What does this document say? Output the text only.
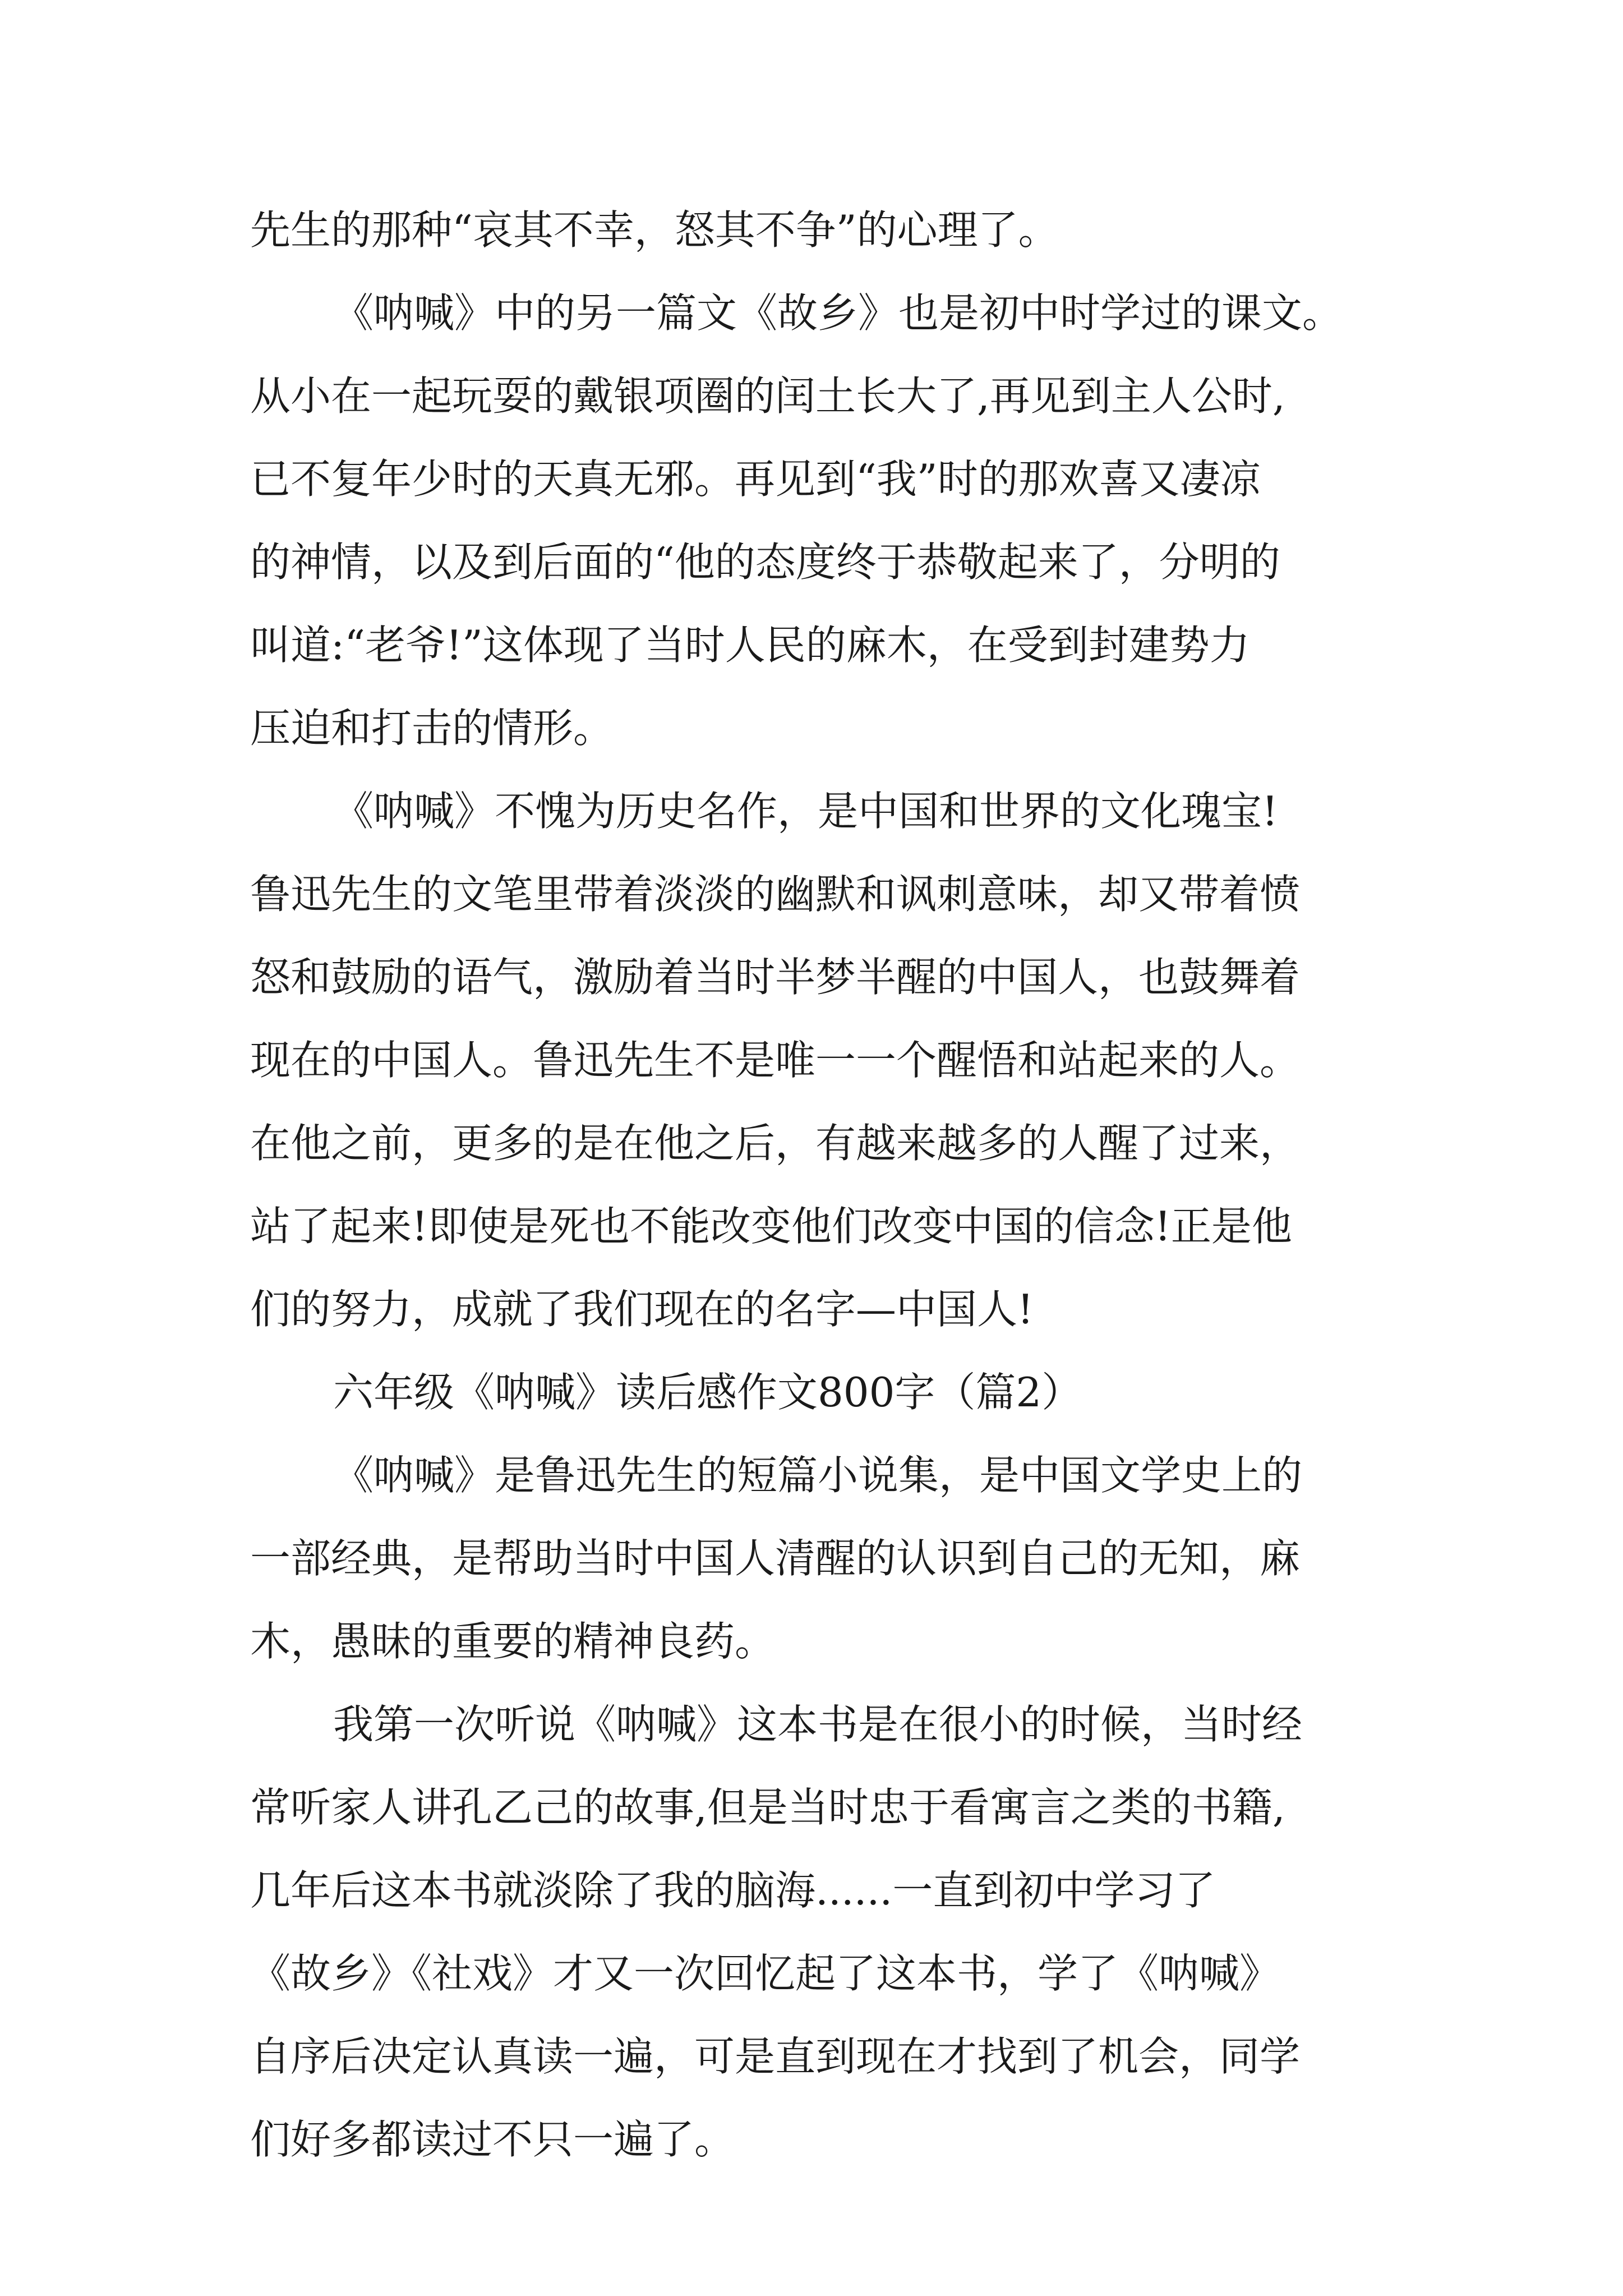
先生的那种“哀其不幸，怒其不争”的心理了。
《呐喊》中的另一篇文《故乡》也是初中时学过的课文。
从小在一起玩耍的戴银项圈的闰土长大了,再见到主人公时,
已不复年少时的天真无邪。再见到“我”时的那欢喜又凄凉
的神情，以及到后面的“他的态度终于恭敬起来了，分明的
叫道:“老爷!”这体现了当时人民的麻木，在受到封建势力
压迫和打击的情形。
《呐喊》不愧为历史名作，是中国和世界的文化瑰宝!
鲁迅先生的文笔里带着淡淡的幽默和讽刺意味，却又带着愤
怒和鼓励的语气，激励着当时半梦半醒的中国人，也鼓舞着
现在的中国人。鲁迅先生不是唯一一个醒悟和站起来的人。
在他之前，更多的是在他之后，有越来越多的人醒了过来，
站了起来!即使是死也不能改变他们改变中国的信念!正是他
们的努力，成就了我们现在的名字—中国人!
六年级《呐喊》读后感作文800字（篇2）
《呐喊》是鲁迅先生的短篇小说集，是中国文学史上的
一部经典，是帮助当时中国人清醒的认识到自己的无知，麻
木，愚昧的重要的精神良药。
我第一次听说《呐喊》这本书是在很小的时候，当时经
常听家人讲孔乙己的故事,但是当时忠于看寓言之类的书籍,
几年后这本书就淡除了我的脑海......一直到初中学习了
《故乡》《社戏》才又一次回忆起了这本书，学了《呐喊》
自序后决定认真读一遍，可是直到现在才找到了机会，同学
们好多都读过不只一遍了。
